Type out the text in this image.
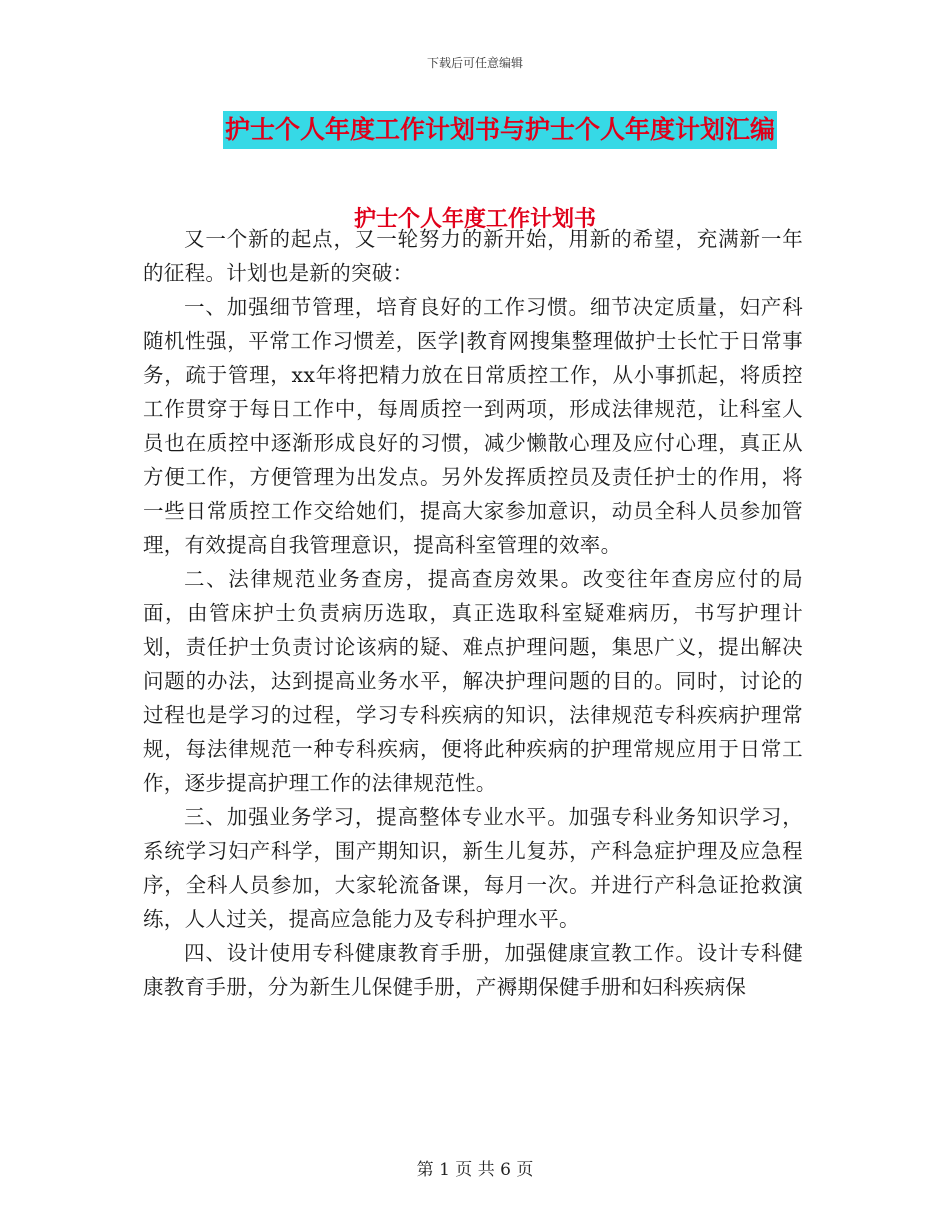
下载后可任意编辑
护士个人年度工作计划书与护士个人年度计划汇编
护士个人年度工作计划书

又一个新的起点，又一轮努力的新开始，用新的希望，充满新一年的征程。计划也是新的突破：

一、加强细节管理，培育良好的工作习惯。细节决定质量，妇产科随机性强，平常工作习惯差，医学|教育网搜集整理做护士长忙于日常事务，疏于管理，xx年将把精力放在日常质控工作，从小事抓起，将质控工作贯穿于每日工作中，每周质控一到两项，形成法律规范，让科室人员也在质控中逐渐形成良好的习惯，减少懒散心理及应付心理，真正从方便工作，方便管理为出发点。另外发挥质控员及责任护士的作用，将一些日常质控工作交给她们，提高大家参加意识，动员全科人员参加管理，有效提高自我管理意识，提高科室管理的效率。

二、法律规范业务查房，提高查房效果。改变往年查房应付的局面，由管床护士负责病历选取，真正选取科室疑难病历，书写护理计划，责任护士负责讨论该病的疑、难点护理问题，集思广义，提出解决问题的办法，达到提高业务水平，解决护理问题的目的。同时，讨论的过程也是学习的过程，学习专科疾病的知识，法律规范专科疾病护理常规，每法律规范一种专科疾病，便将此种疾病的护理常规应用于日常工作，逐步提高护理工作的法律规范性。

三、加强业务学习，提高整体专业水平。加强专科业务知识学习，系统学习妇产科学，围产期知识，新生儿复苏，产科急症护理及应急程序，全科人员参加，大家轮流备课，每月一次。并进行产科急证抢救演练，人人过关，提高应急能力及专科护理水平。

四、设计使用专科健康教育手册，加强健康宣教工作。设计专科健康教育手册，分为新生儿保健手册，产褥期保健手册和妇科疾病保

第 1 页 共 6 页
